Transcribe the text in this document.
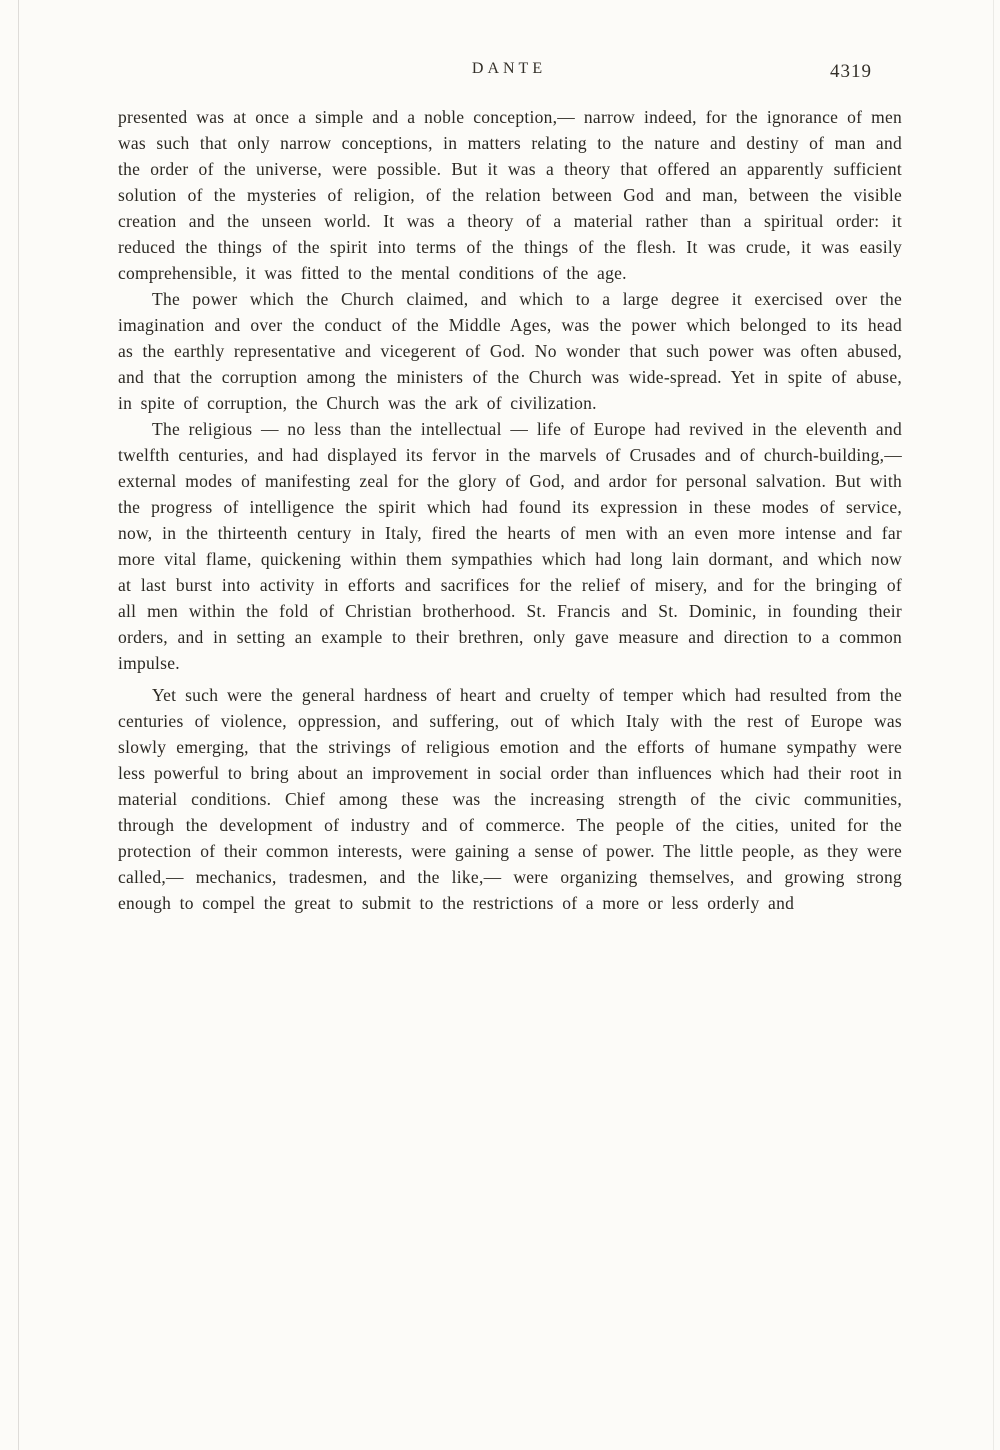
DANTE	4319

presented was at once a simple and a noble conception,— narrow indeed, for the ignorance of men was such that only narrow conceptions, in matters relating to the nature and destiny of man and the order of the universe, were possible. But it was a theory that offered an apparently sufficient solution of the mysteries of religion, of the relation between God and man, between the visible creation and the unseen world. It was a theory of a material rather than a spiritual order: it reduced the things of the spirit into terms of the things of the flesh. It was crude, it was easily comprehensible, it was fitted to the mental conditions of the age.

The power which the Church claimed, and which to a large degree it exercised over the imagination and over the conduct of the Middle Ages, was the power which belonged to its head as the earthly representative and vicegerent of God. No wonder that such power was often abused, and that the corruption among the ministers of the Church was wide-spread. Yet in spite of abuse, in spite of corruption, the Church was the ark of civilization.

The religious — no less than the intellectual — life of Europe had revived in the eleventh and twelfth centuries, and had displayed its fervor in the marvels of Crusades and of church-building,— external modes of manifesting zeal for the glory of God, and ardor for personal salvation. But with the progress of intelligence the spirit which had found its expression in these modes of service, now, in the thirteenth century in Italy, fired the hearts of men with an even more intense and far more vital flame, quickening within them sympathies which had long lain dormant, and which now at last burst into activity in efforts and sacrifices for the relief of misery, and for the bringing of all men within the fold of Christian brotherhood. St. Francis and St. Dominic, in founding their orders, and in setting an example to their brethren, only gave measure and direction to a common impulse.

Yet such were the general hardness of heart and cruelty of temper which had resulted from the centuries of violence, oppression, and suffering, out of which Italy with the rest of Europe was slowly emerging, that the strivings of religious emotion and the efforts of humane sympathy were less powerful to bring about an improvement in social order than influences which had their root in material conditions. Chief among these was the increasing strength of the civic communities, through the development of industry and of commerce. The people of the cities, united for the protection of their common interests, were gaining a sense of power. The little people, as they were called,— mechanics, tradesmen, and the like,— were organizing themselves, and growing strong enough to compel the great to submit to the restrictions of a more or less orderly and
